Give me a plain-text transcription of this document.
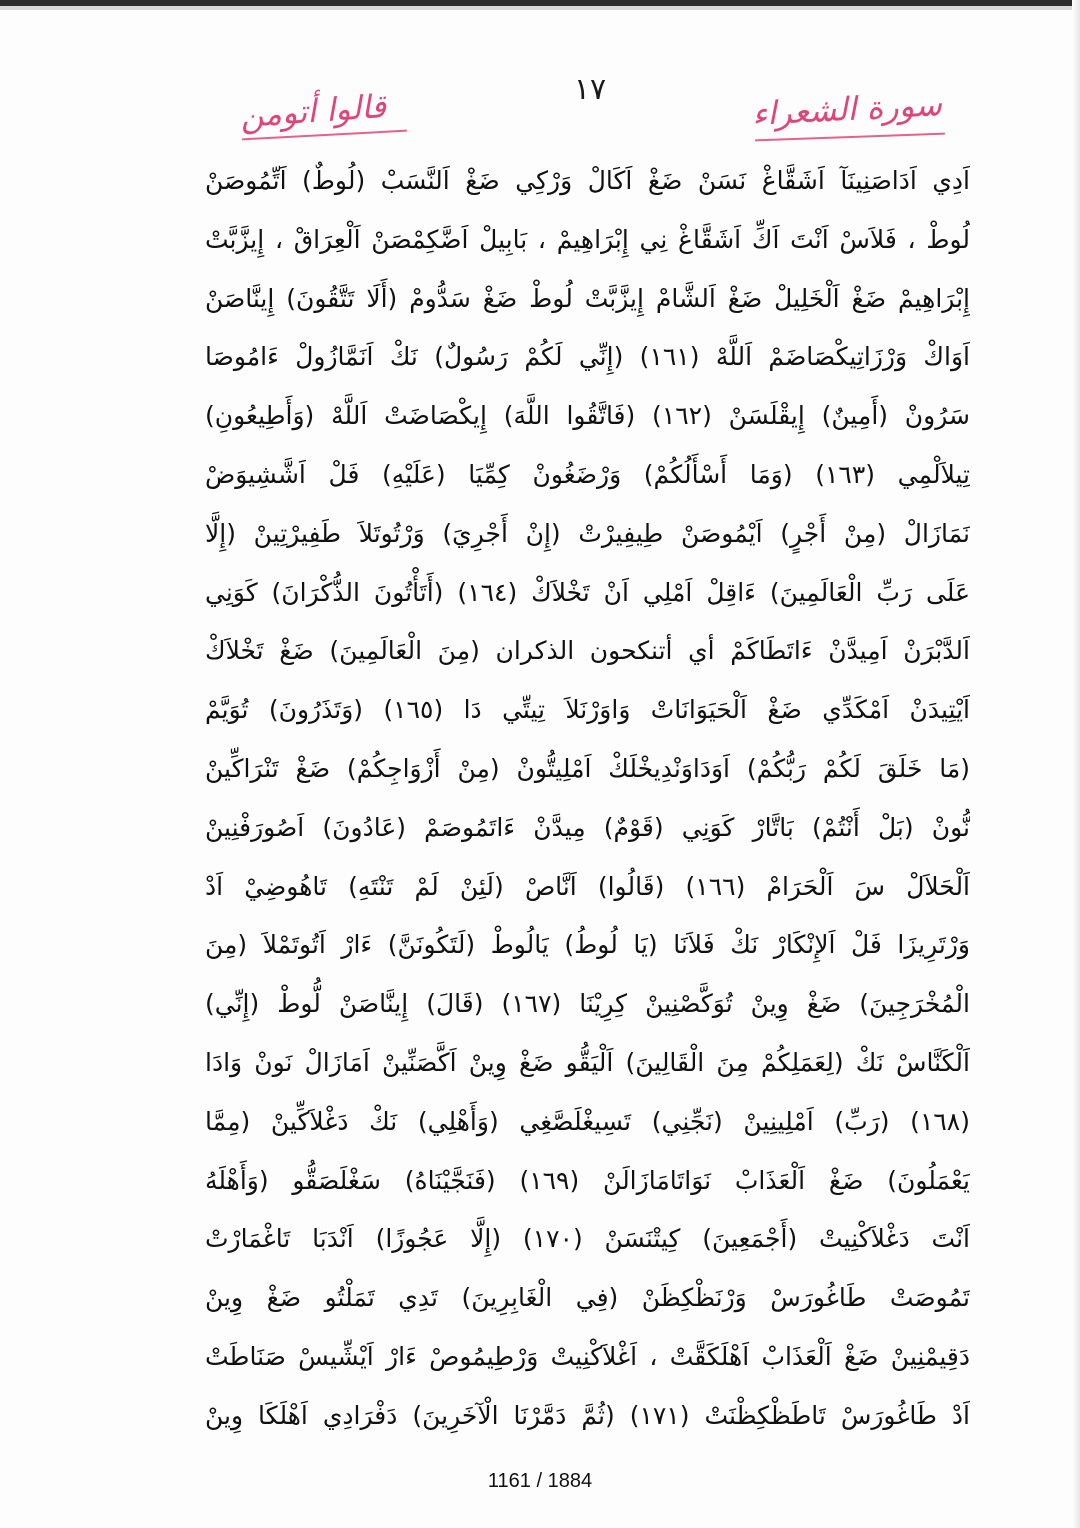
١٧	سورة الشعراء
قالوا أتومن
اَدِي اَدَاصَنِينَآ اَشَقَّاغْ نَسَنْ ضَغْ اَكَالْ وَرْكِي ضَغْ اَلنَّسَبْ (لُوطٌ) اَتِّمُوصَنْ
لُوطْ ، فَلاَسْ اَنْتَ اَكِّ اَشَقَّاغْ نِي إِبْرَاهِيمْ ، بَابِيلْ اَضَّكِمْصَنْ اَلْعِرَاقْ ، إِيزَّبَّتْ
إِبْرَاهِيمْ ضَغْ اَلْخَلِيلْ ضَغْ اَلشَّامْ إِيزَّبَّتْ لُوطْ ضَغْ سَدُّومْ (أَلَا تَتَّقُونَ) إِينَّاصَنْ
اَوَاكْ وَرْزَاتِيكْصَاضَمْ اَللَّهْ (١٦١) (إِنِّي لَكُمْ رَسُولٌ) نَكْ اَنَمَّازُولْ ءَامُوصَا
سَرُونْ (أَمِينٌ) إِيقْلَسَنْ (١٦٢) (فَاتَّقُوا اللَّهَ) إِيكْصَاضَتْ اَللَّهْ (وَأَطِيعُونِ)
تِيلاَلْمِي (١٦٣) (وَمَا أَسْأَلُكُمْ) وَرْضَغُونْ كِمِّيَا (عَلَيْهِ) فَلْ اَشَّشِيوَضْ
نَمَازَالْ (مِنْ أَجْرٍ) اَيْمُوصَنْ طِيفِيرْتْ (إِنْ أَجْرِيَ) وَرْتُوتَلاَ طَفِيرْتِينْ (إِلَّا
عَلَى رَبِّ الْعَالَمِينَ) ءَاقِلْ اَمْلِي اَنْ تَخْلاَكْ (١٦٤) (أَتَأْتُونَ الذُّكْرَانَ) كَوَنِي
اَلدَّبْرَنْ اَمِيدَّنْ ءَاتَطَاكَمْ أي أتنكحون الذكران (مِنَ الْعَالَمِينَ) ضَغْ تَخْلاَكْ
اَيْتِيدَنْ اَمْكَدِّي ضَغْ اَلْحَيَوَانَاتْ وَاوَرْنَلاَ تِيتِّي دَا (١٦٥) (وَتَذَرُونَ) تُوَيَّمْ
(مَا خَلَقَ لَكُمْ رَبُّكُمْ) اَوَدَاوَنْدِيخْلَكْ اَمْلِيتُّونْ (مِنْ أَزْوَاجِكُمْ) ضَغْ تَنْرَاكِّينْ
نُّونْ (بَلْ أَنْتُمْ) بَاتَّارْ كَوَنِي (قَوْمٌ) مِيدَّنْ ءَاتَمُوصَمْ (عَادُونَ) اَصُورَفْنِينْ
اَلْحَلاَلْ سَ اَلْحَرَامْ (١٦٦) (قَالُوا) اَنَّاصْ (لَئِنْ لَمْ تَنْتَهِ) تَاهُوضِيْ اَدْ
وَرْتَرِيزَا فَلْ اَلإِنْكَارْ نَكْ فَلاَنَا (يَا لُوطُ) يَالُوطْ (لَتَكُونَنَّ) ءَارْ اَتُوتَمْلاَ (مِنَ
الْمُخْرَجِينَ) ضَغْ وِينْ تُوَكَّصْنِينْ كِرِيْنَا (١٦٧) (قَالَ) إِينَّاصَنْ لُّوطْ (إِنِّي)
اَلْكَنَّاسْ نَكْ (لِعَمَلِكُمْ مِنَ الْقَالِينَ) اَلْيَقُّو ضَغْ وِينْ اَكَّصَنِّينْ اَمَازَالْ نَونْ وَادَا
(١٦٨) (رَبِّ) اَمْلِينِينْ (نَجِّنِي) تَسِيغْلَصَّغِي (وَأَهْلِي) نَكْ دَغْلاَكِّينْ (مِمَّا
يَعْمَلُونَ) ضَغْ اَلْعَذَابْ نَوَاتَامَازَالَنْ (١٦٩) (فَنَجَّيْنَاهُ) سَغْلَصَقُّو (وَأَهْلَهُ
اَنْتَ دَغْلاَكْنِيتْ (أَجْمَعِينَ) كِيتْنَسَنْ (١٧٠) (إِلَّا عَجُوزًا) اَنْدَبَا تَاغْمَارْتْ
تَمُوصَتْ طَاغُورَسْ وَرْنَظْكِظَنْ (فِي الْغَابِرِينَ) تَدِي تَمَلْتُو ضَغْ وِينْ
دَقِيمْنِينْ ضَغْ اَلْعَذَابْ اَهْلَكَقَّتْ ، اَغْلاَكْنِيتْ وَرْطِيمُوصْ ءَارْ اَيْشِّيسْ صَنَاطَتْ
اَدْ طَاغُورَسْ تَاطَظْكِظْنَتْ (١٧١) (ثُمَّ دَمَّرْنَا الْآخَرِينَ) دَفْرَادِي اَهْلَكَا وِينْ
1161 / 1884
